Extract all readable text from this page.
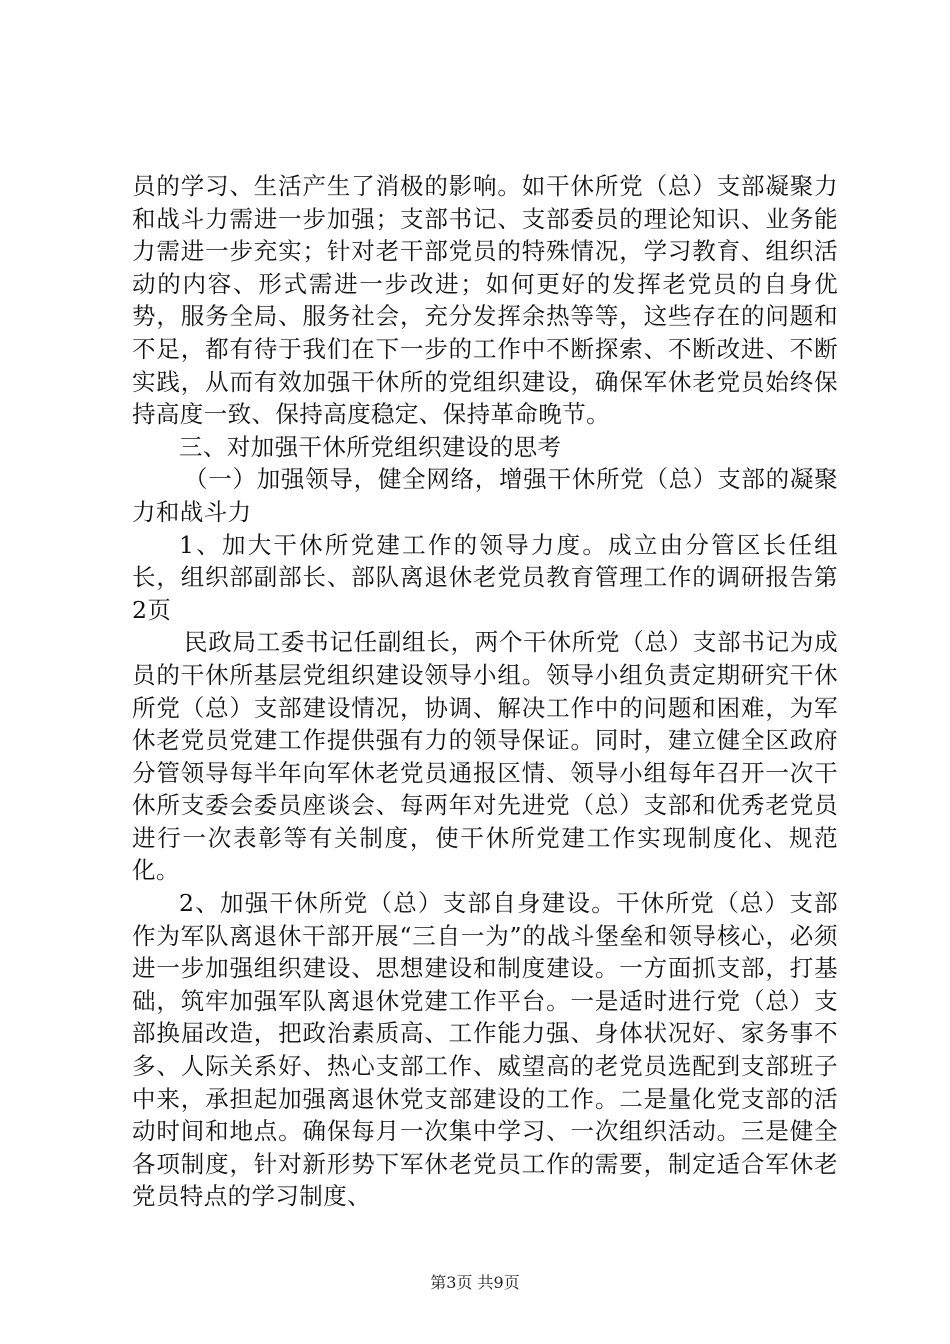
员的学习、生活产生了消极的影响。如干休所党（总）支部凝聚力和战斗力需进一步加强；支部书记、支部委员的理论知识、业务能力需进一步充实；针对老干部党员的特殊情况，学习教育、组织活动的内容、形式需进一步改进；如何更好的发挥老党员的自身优势，服务全局、服务社会，充分发挥余热等等，这些存在的问题和不足，都有待于我们在下一步的工作中不断探索、不断改进、不断实践，从而有效加强干休所的党组织建设，确保军休老党员始终保持高度一致、保持高度稳定、保持革命晚节。

三、对加强干休所党组织建设的思考

（一）加强领导，健全网络，增强干休所党（总）支部的凝聚力和战斗力

1、加大干休所党建工作的领导力度。成立由分管区长任组长，组织部副部长、部队离退休老党员教育管理工作的调研报告第2页

民政局工委书记任副组长，两个干休所党（总）支部书记为成员的干休所基层党组织建设领导小组。领导小组负责定期研究干休所党（总）支部建设情况，协调、解决工作中的问题和困难，为军休老党员党建工作提供强有力的领导保证。同时，建立健全区政府分管领导每半年向军休老党员通报区情、领导小组每年召开一次干休所支委会委员座谈会、每两年对先进党（总）支部和优秀老党员进行一次表彰等有关制度，使干休所党建工作实现制度化、规范化。

2、加强干休所党（总）支部自身建设。干休所党（总）支部作为军队离退休干部开展“三自一为”的战斗堡垒和领导核心，必须进一步加强组织建设、思想建设和制度建设。一方面抓支部，打基础，筑牢加强军队离退休党建工作平台。一是适时进行党（总）支部换届改造，把政治素质高、工作能力强、身体状况好、家务事不多、人际关系好、热心支部工作、威望高的老党员选配到支部班子中来，承担起加强离退休党支部建设的工作。二是量化党支部的活动时间和地点。确保每月一次集中学习、一次组织活动。三是健全各项制度，针对新形势下军休老党员工作的需要，制定适合军休老党员特点的学习制度、

第3页 共9页
